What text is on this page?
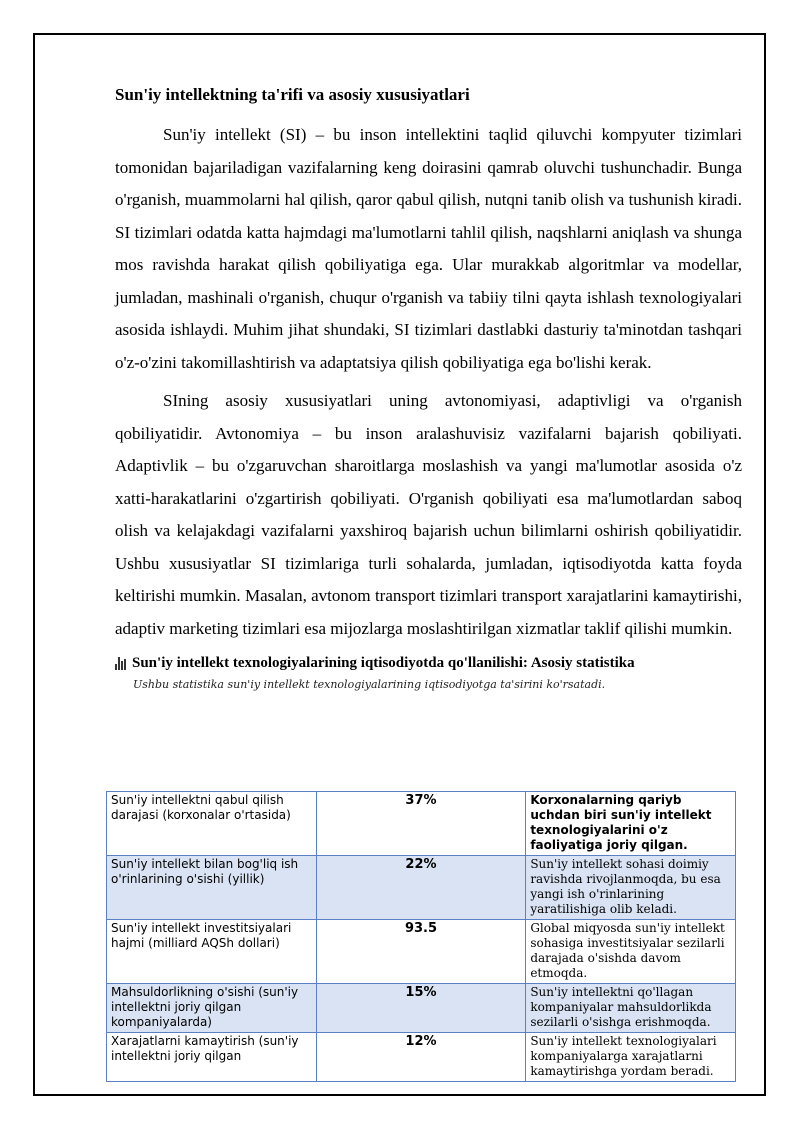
Sun'iy intellektning ta'rifi va asosiy xususiyatlari

Sun'iy intellekt (SI) – bu inson intellektini taqlid qiluvchi kompyuter tizimlari tomonidan bajariladigan vazifalarning keng doirasini qamrab oluvchi tushunchadir. Bunga o'rganish, muammolarni hal qilish, qaror qabul qilish, nutqni tanib olish va tushunish kiradi. SI tizimlari odatda katta hajmdagi ma'lumotlarni tahlil qilish, naqshlarni aniqlash va shunga mos ravishda harakat qilish qobiliyatiga ega. Ular murakkab algoritmlar va modellar, jumladan, mashinali o'rganish, chuqur o'rganish va tabiiy tilni qayta ishlash texnologiyalari asosida ishlaydi. Muhim jihat shundaki, SI tizimlari dastlabki dasturiy ta'minotdan tashqari o'z-o'zini takomillashtirish va adaptatsiya qilish qobiliyatiga ega bo'lishi kerak.

SIning asosiy xususiyatlari uning avtonomiyasi, adaptivligi va o'rganish qobiliyatidir. Avtonomiya – bu inson aralashuvisiz vazifalarni bajarish qobiliyati. Adaptivlik – bu o'zgaruvchan sharoitlarga moslashish va yangi ma'lumotlar asosida o'z xatti-harakatlarini o'zgartirish qobiliyati. O'rganish qobiliyati esa ma'lumotlardan saboq olish va kelajakdagi vazifalarni yaxshiroq bajarish uchun bilimlarni oshirish qobiliyatidir. Ushbu xususiyatlar SI tizimlariga turli sohalarda, jumladan, iqtisodiyotda katta foyda keltirishi mumkin. Masalan, avtonom transport tizimlari transport xarajatlarini kamaytirishi, adaptiv marketing tizimlari esa mijozlarga moslashtirilgan xizmatlar taklif qilishi mumkin.

Sun'iy intellekt texnologiyalarining iqtisodiyotda qo'llanilishi: Asosiy statistika
Ushbu statistika sun'iy intellekt texnologiyalarining iqtisodiyotga ta'sirini ko'rsatadi.
Sun'iy intellektni qabul qilish darajasi (korxonalar o'rtasida)	37%	Korxonalarning qariyb uchdan biri sun'iy intellekt texnologiyalarini o'z faoliyatiga joriy qilgan.
Sun'iy intellekt bilan bog'liq ish o'rinlarining o'sishi (yillik)	22%	Sun'iy intellekt sohasi doimiy ravishda rivojlanmoqda, bu esa yangi ish o'rinlarining yaratilishiga olib keladi.
Sun'iy intellekt investitsiyalari hajmi (milliard AQSh dollari)	93.5	Global miqyosda sun'iy intellekt sohasiga investitsiyalar sezilarli darajada o'sishda davom etmoqda.
Mahsuldorlikning o'sishi (sun'iy intellektni joriy qilgan kompaniyalarda)	15%	Sun'iy intellektni qo'llagan kompaniyalar mahsuldorlikda sezilarli o'sishga erishmoqda.
Xarajatlarni kamaytirish (sun'iy intellektni joriy qilgan	12%	Sun'iy intellekt texnologiyalari kompaniyalarga xarajatlarni kamaytirishga yordam beradi.
